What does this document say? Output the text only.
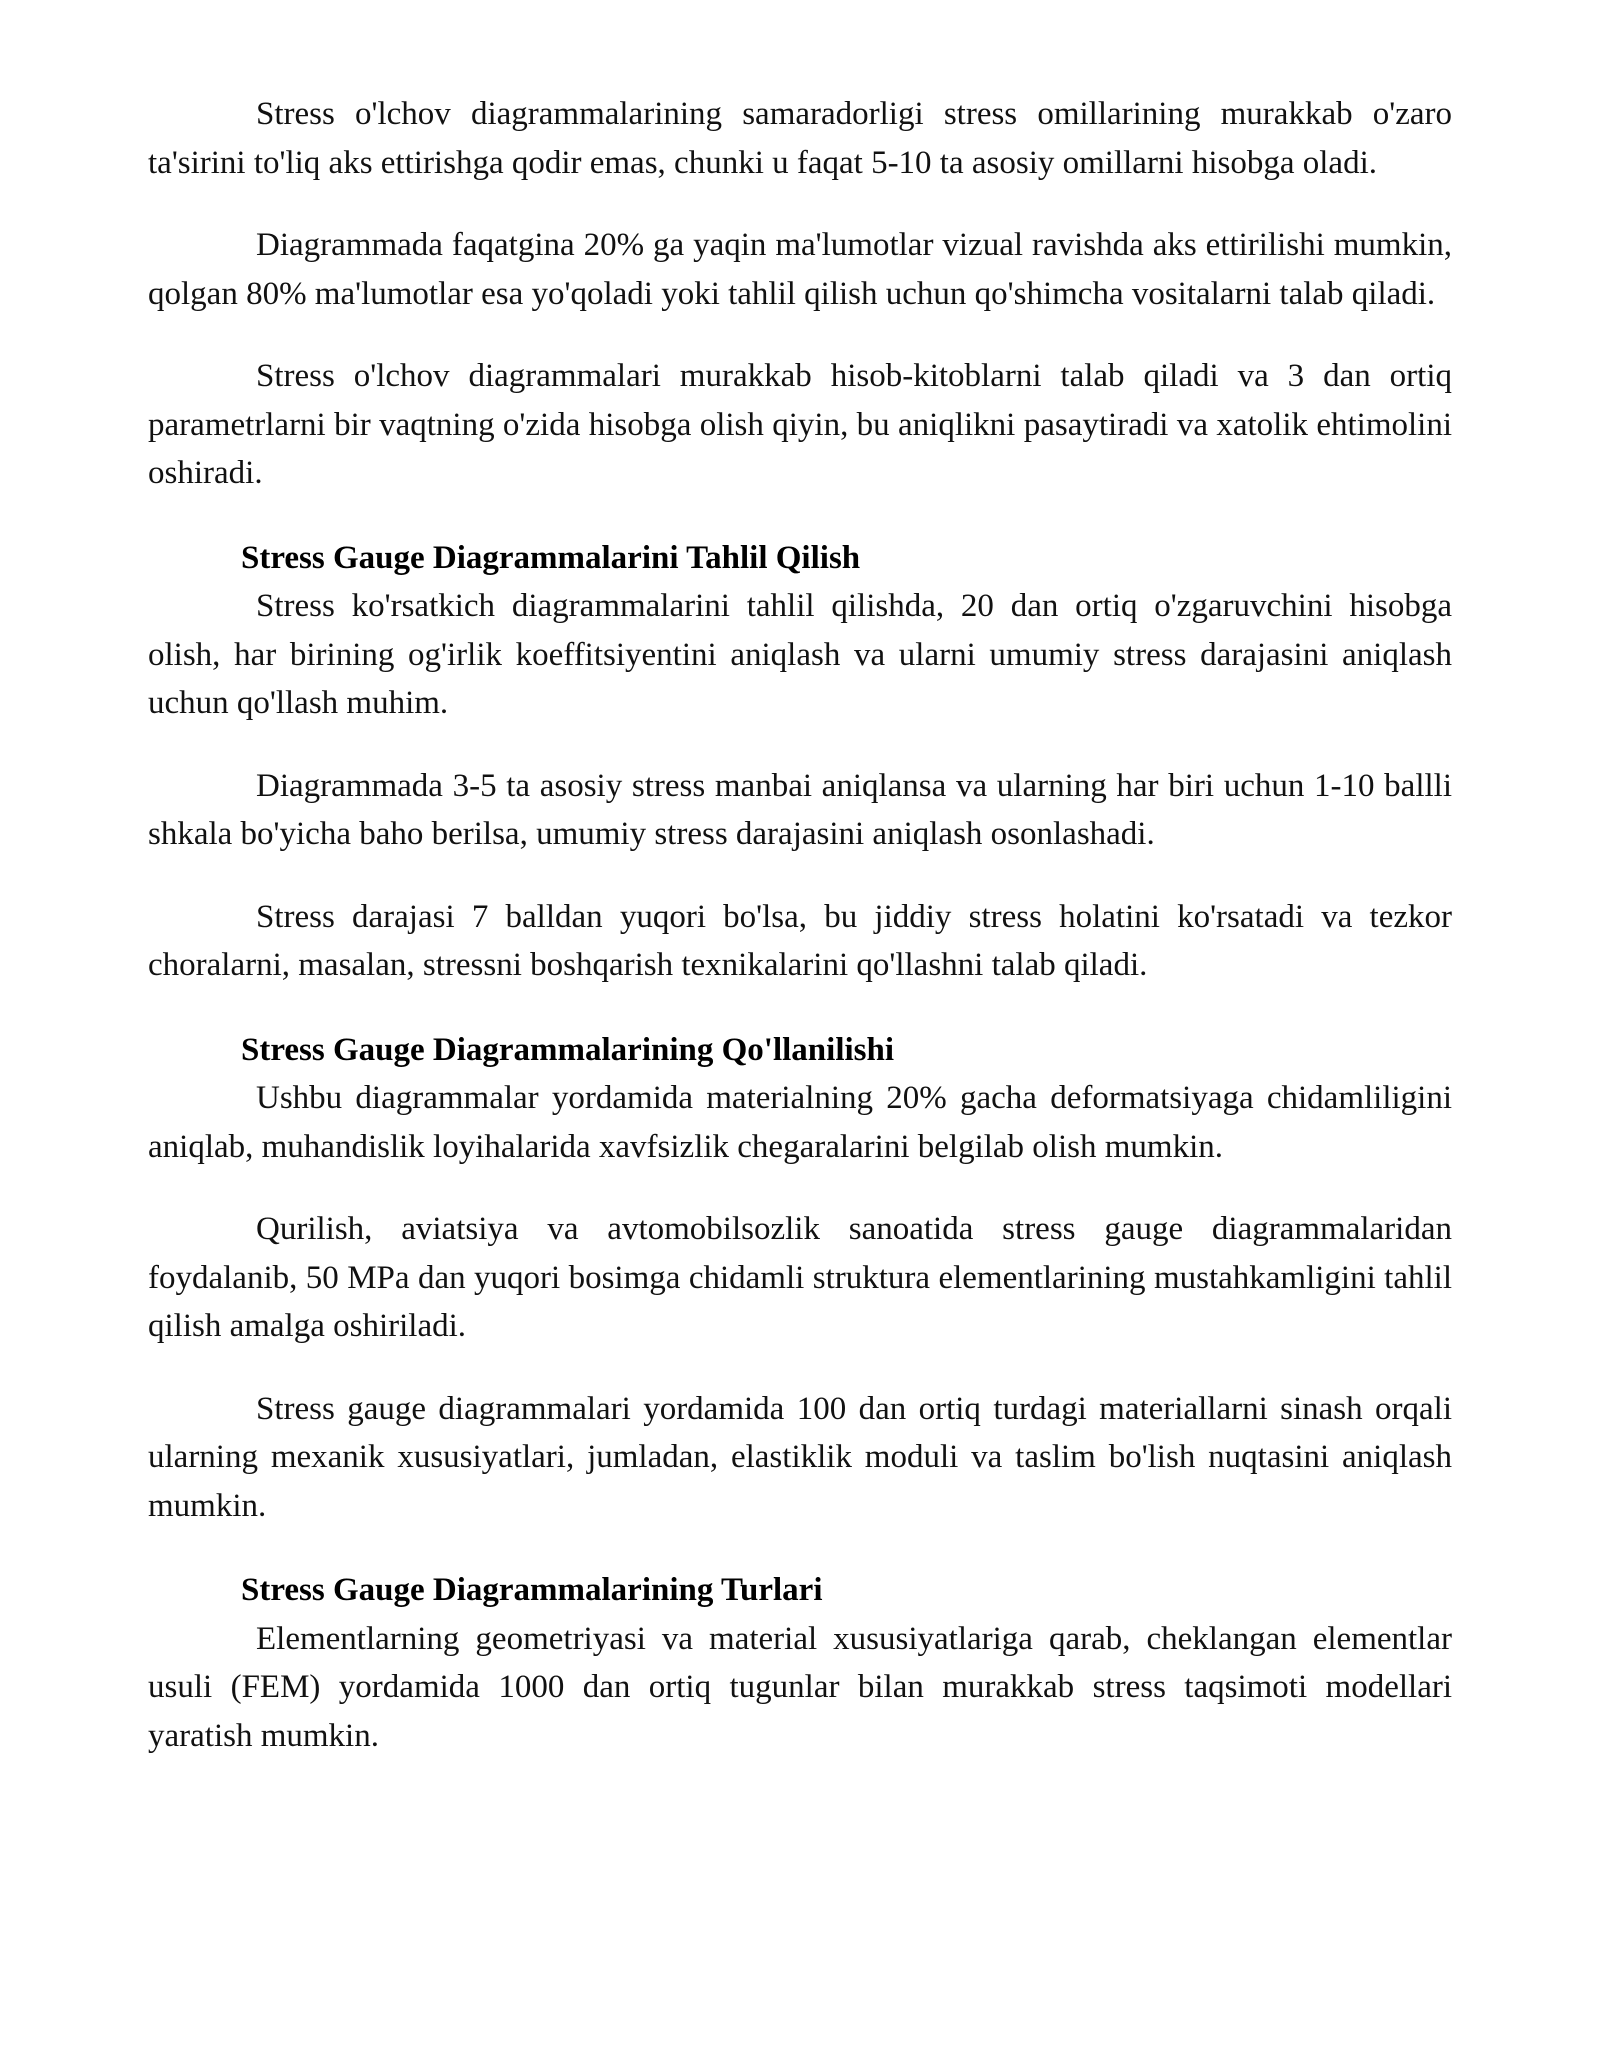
Stress o'lchov diagrammalarining samaradorligi stress omillarining murakkab o'zaro ta'sirini to'liq aks ettirishga qodir emas, chunki u faqat 5-10 ta asosiy omillarni hisobga oladi.

Diagrammada faqatgina 20% ga yaqin ma'lumotlar vizual ravishda aks ettirilishi mumkin, qolgan 80% ma'lumotlar esa yo'qoladi yoki tahlil qilish uchun qo'shimcha vositalarni talab qiladi.

Stress o'lchov diagrammalari murakkab hisob-kitoblarni talab qiladi va 3 dan ortiq parametrlarni bir vaqtning o'zida hisobga olish qiyin, bu aniqlikni pasaytiradi va xatolik ehtimolini oshiradi.

Stress Gauge Diagrammalarini Tahlil Qilish

Stress ko'rsatkich diagrammalarini tahlil qilishda, 20 dan ortiq o'zgaruvchini hisobga olish, har birining og'irlik koeffitsiyentini aniqlash va ularni umumiy stress darajasini aniqlash uchun qo'llash muhim.

Diagrammada 3-5 ta asosiy stress manbai aniqlansa va ularning har biri uchun 1-10 ballli shkala bo'yicha baho berilsa, umumiy stress darajasini aniqlash osonlashadi.

Stress darajasi 7 balldan yuqori bo'lsa, bu jiddiy stress holatini ko'rsatadi va tezkor choralarni, masalan, stressni boshqarish texnikalarini qo'llashni talab qiladi.

Stress Gauge Diagrammalarining Qo'llanilishi

Ushbu diagrammalar yordamida materialning 20% gacha deformatsiyaga chidamliligini aniqlab, muhandislik loyihalarida xavfsizlik chegaralarini belgilab olish mumkin.

Qurilish, aviatsiya va avtomobilsozlik sanoatida stress gauge diagrammalaridan foydalanib, 50 MPa dan yuqori bosimga chidamli struktura elementlarining mustahkamligini tahlil qilish amalga oshiriladi.

Stress gauge diagrammalari yordamida 100 dan ortiq turdagi materiallarni sinash orqali ularning mexanik xususiyatlari, jumladan, elastiklik moduli va taslim bo'lish nuqtasini aniqlash mumkin.

Stress Gauge Diagrammalarining Turlari

Elementlarning geometriyasi va material xususiyatlariga qarab, cheklangan elementlar usuli (FEM) yordamida 1000 dan ortiq tugunlar bilan murakkab stress taqsimoti modellari yaratish mumkin.
